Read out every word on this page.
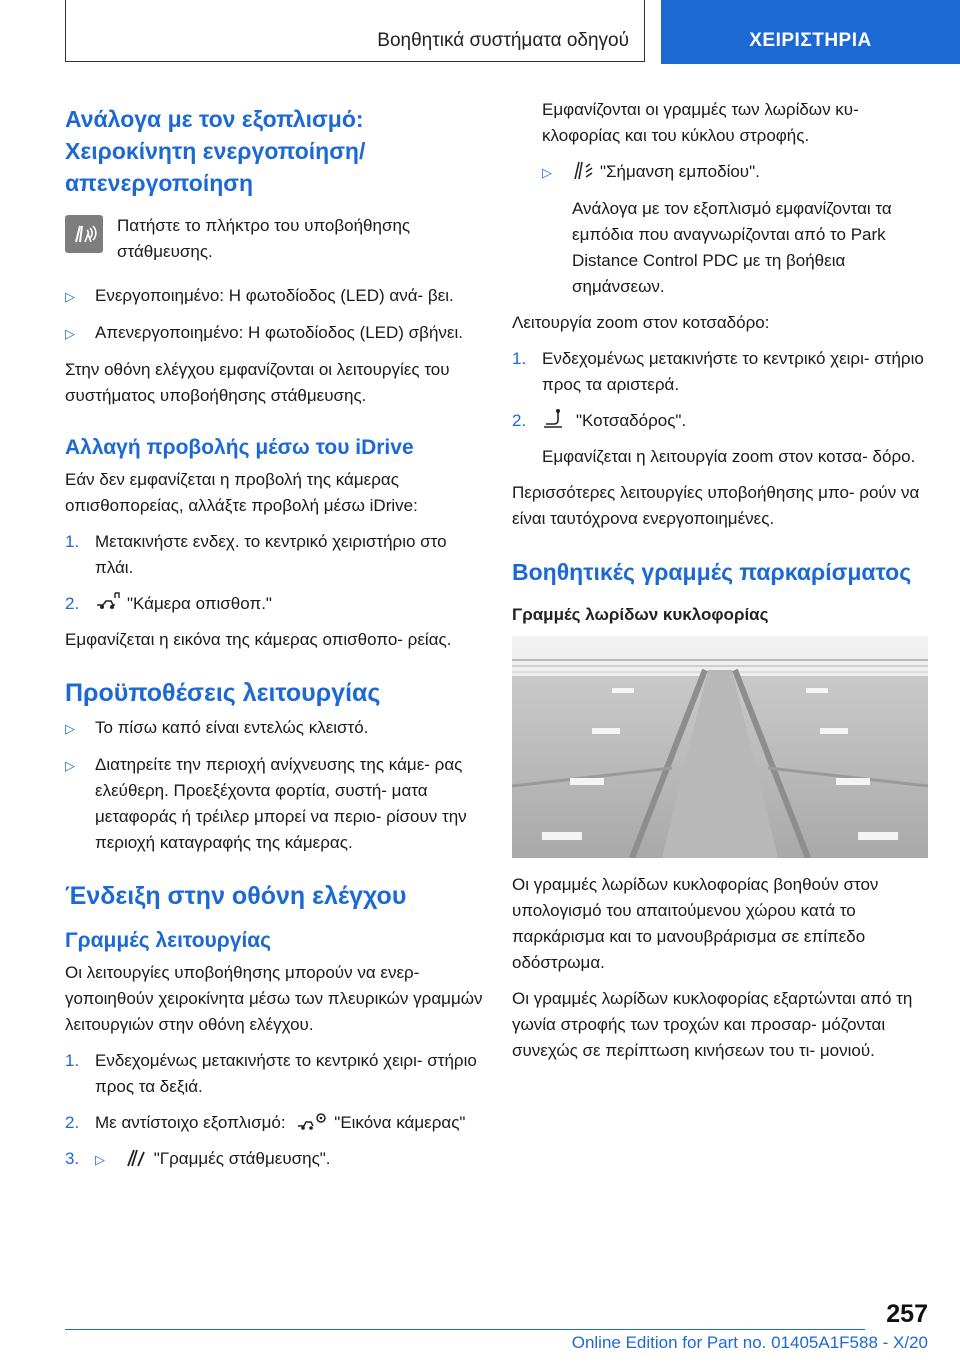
Βοηθητικά συστήματα οδηγού	ΧΕΙΡΙΣΤΗΡΙΑ
Ανάλογα με τον εξοπλισμό: Χειροκίνητη ενεργοποίηση/ απενεργοποίηση
Πατήστε το πλήκτρο του υποβοήθησης στάθμευσης.
▷	Ενεργοποιημένο: Η φωτοδίοδος (LED) ανά- βει.
▷	Απενεργοποιημένο: Η φωτοδίοδος (LED) σβήνει.

Στην οθόνη ελέγχου εμφανίζονται οι λειτουργίες του συστήματος υποβοήθησης στάθμευσης.

Αλλαγή προβολής μέσω του iDrive

Εάν δεν εμφανίζεται η προβολή της κάμερας οπισθοπορείας, αλλάξτε προβολή μέσω iDrive:

1. Μετακινήστε ενδεχ. το κεντρικό χειριστήριο στο πλάι.
2.	"Κάμερα οπισθοπ."

Εμφανίζεται η εικόνα της κάμερας οπισθοπο- ρείας.

Προϋποθέσεις λειτουργίας
▷	Το πίσω καπό είναι εντελώς κλειστό.
▷	Διατηρείτε την περιοχή ανίχνευσης της κάμε- ρας ελεύθερη. Προεξέχοντα φορτία, συστή- ματα μεταφοράς ή τρέιλερ μπορεί να περιο- ρίσουν την περιοχή καταγραφής της κάμερας.
Ένδειξη στην οθόνη ελέγχου
Γραμμές λειτουργίας

Οι λειτουργίες υποβοήθησης μπορούν να ενερ- γοποιηθούν χειροκίνητα μέσω των πλευρικών γραμμών λειτουργιών στην οθόνη ελέγχου.

1. Ενδεχομένως μετακινήστε το κεντρικό χειρι- στήριο προς τα δεξιά.
2. Με αντίστοιχο εξοπλισμό:	"Εικόνα κάμερας"
3.	▷	"Γραμμές στάθμευσης".

Εμφανίζονται οι γραμμές των λωρίδων κυ- κλοφορίας και του κύκλου στροφής.

▷	"Σήμανση εμποδίου".

Ανάλογα με τον εξοπλισμό εμφανίζονται τα εμπόδια που αναγνωρίζονται από το Park Distance Control PDC με τη βοήθεια σημάνσεων.

Λειτουργία zoom στον κοτσαδόρο:

1. Ενδεχομένως μετακινήστε το κεντρικό χειρι- στήριο προς τα αριστερά.
2.	"Κοτσαδόρος".

Εμφανίζεται η λειτουργία zoom στον κοτσα- δόρο.

Περισσότερες λειτουργίες υποβοήθησης μπο- ρούν να είναι ταυτόχρονα ενεργοποιημένες.

Βοηθητικές γραμμές παρκαρίσματος
Γραμμές λωρίδων κυκλοφορίας

Οι γραμμές λωρίδων κυκλοφορίας βοηθούν στον υπολογισμό του απαιτούμενου χώρου κατά το παρκάρισμα και το μανουβράρισμα σε επίπεδο οδόστρωμα.

Οι γραμμές λωρίδων κυκλοφορίας εξαρτώνται από τη γωνία στροφής των τροχών και προσαρ- μόζονται συνεχώς σε περίπτωση κινήσεων του τι- μονιού.

257
Online Edition for Part no. 01405A1F588 - X/20
